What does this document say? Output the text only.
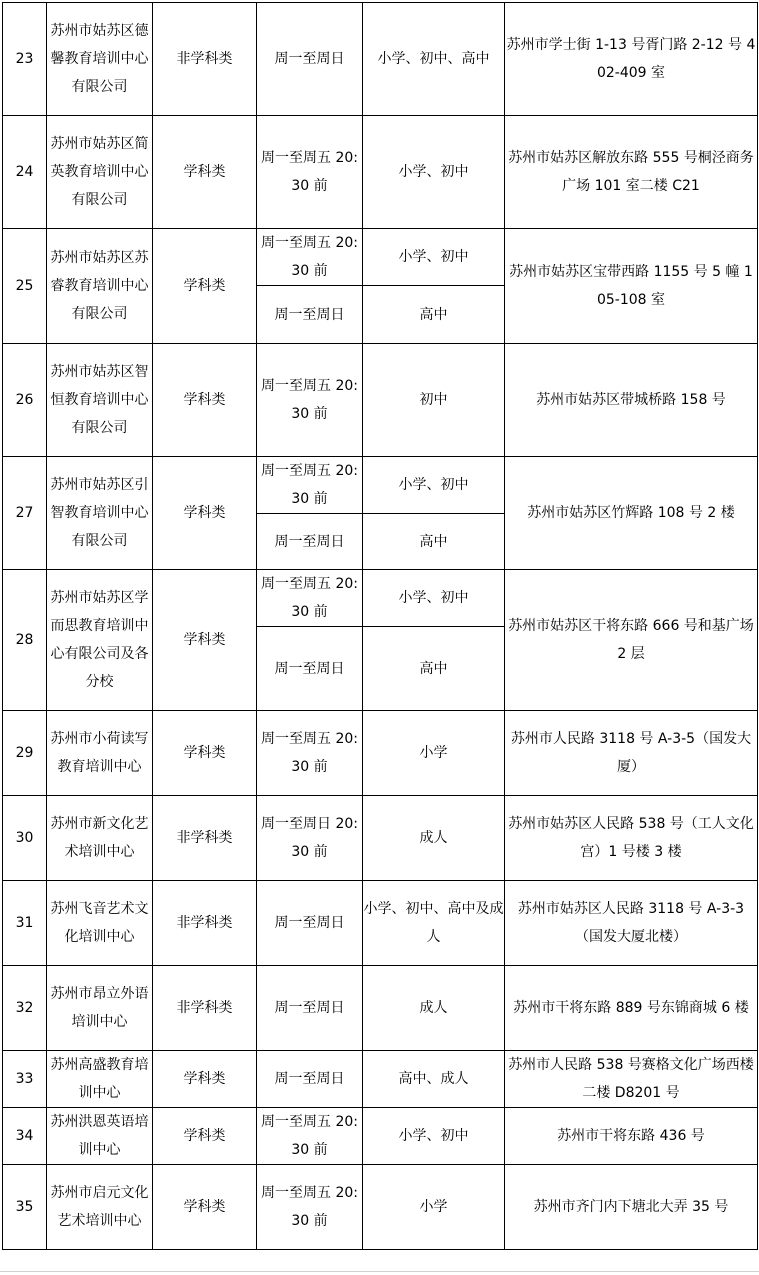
23	苏州市姑苏区德馨教育培训中心有限公司	非学科类	周一至周日	小学、初中、高中	苏州市学士街 1-13 号胥门路 2-12 号 402-409 室
24	苏州市姑苏区简英教育培训中心有限公司	学科类	周一至周五 20:30 前	小学、初中	苏州市姑苏区解放东路 555 号桐泾商务广场 101 室二楼 C21
25	苏州市姑苏区苏睿教育培训中心有限公司	学科类	周一至周五 20:30 前	小学、初中	苏州市姑苏区宝带西路 1155 号 5 幢 105-108 室
			周一至周日	高中	
26	苏州市姑苏区智恒教育培训中心有限公司	学科类	周一至周五 20:30 前	初中	苏州市姑苏区带城桥路 158 号
27	苏州市姑苏区引智教育培训中心有限公司	学科类	周一至周五 20:30 前	小学、初中	苏州市姑苏区竹辉路 108 号 2 楼
			周一至周日	高中	
28	苏州市姑苏区学而思教育培训中心有限公司及各分校	学科类	周一至周五 20:30 前	小学、初中	苏州市姑苏区干将东路 666 号和基广场 2 层
			周一至周日	高中	
29	苏州市小荷读写教育培训中心	学科类	周一至周五 20:30 前	小学	苏州市人民路 3118 号 A-3-5（国发大厦）
30	苏州市新文化艺术培训中心	非学科类	周一至周日 20:30 前	成人	苏州市姑苏区人民路 538 号（工人文化宫）1 号楼 3 楼
31	苏州飞音艺术文化培训中心	非学科类	周一至周日	小学、初中、高中及成人	苏州市姑苏区人民路 3118 号 A-3-3（国发大厦北楼）
32	苏州市昂立外语培训中心	非学科类	周一至周日	成人	苏州市干将东路 889 号东锦商城 6 楼
33	苏州高盛教育培训中心	学科类	周一至周日	高中、成人	苏州市人民路 538 号赛格文化广场西楼二楼 D8201 号
34	苏州洪恩英语培训中心	学科类	周一至周五 20:30 前	小学、初中	苏州市干将东路 436 号
35	苏州市启元文化艺术培训中心	学科类	周一至周五 20:30 前	小学	苏州市齐门内下塘北大弄 35 号
